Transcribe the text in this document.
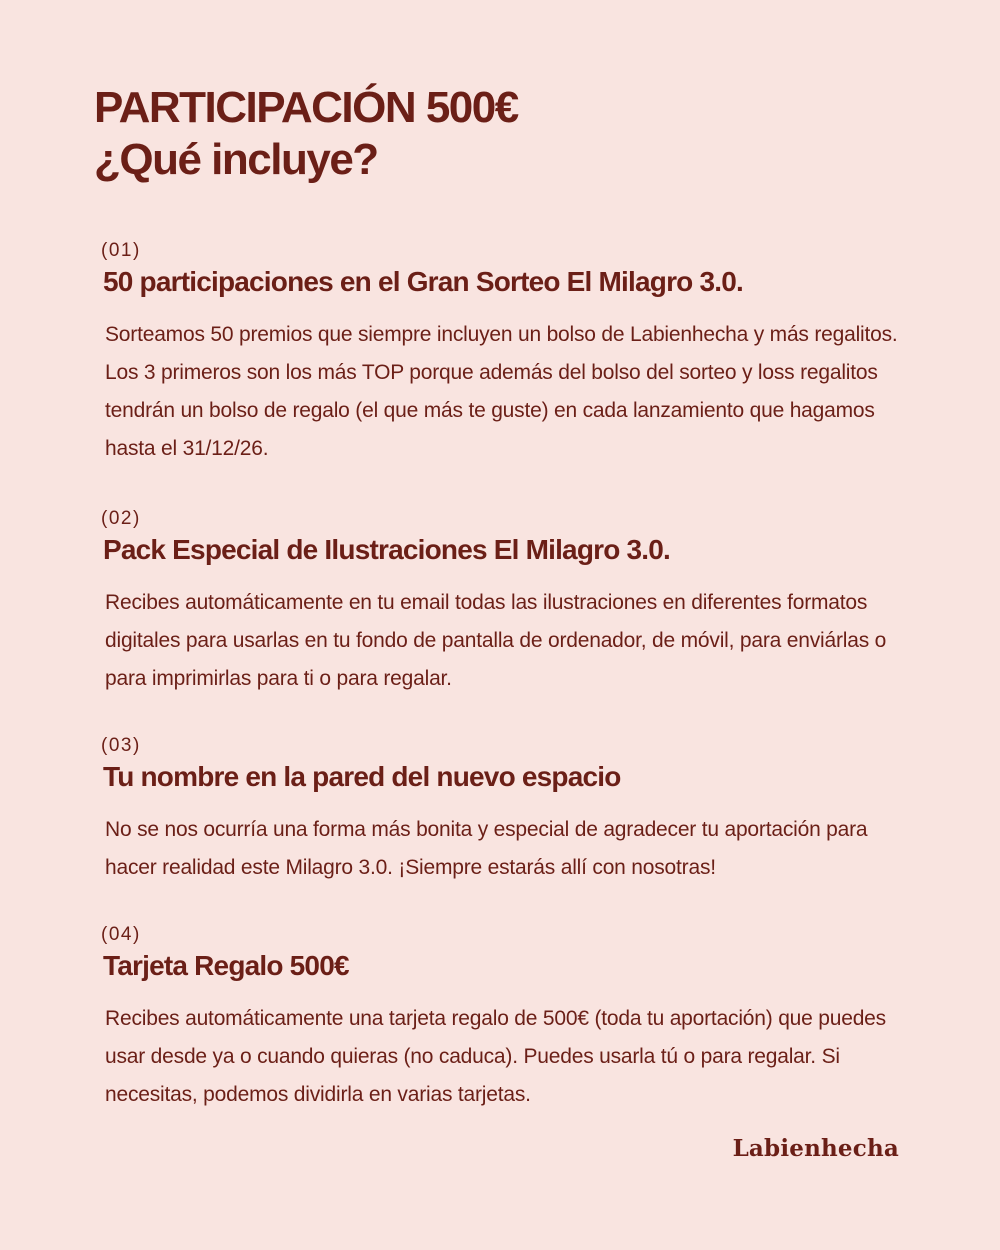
PARTICIPACIÓN 500€
¿Qué incluye?
(01)
50 participaciones en el Gran Sorteo El Milagro 3.0.
Sorteamos 50 premios que siempre incluyen un bolso de Labienhecha y más regalitos. Los 3 primeros son los más TOP porque además del bolso del sorteo y loss regalitos tendrán un bolso de regalo (el que más te guste) en cada lanzamiento que hagamos hasta el 31/12/26.
(02)
Pack Especial de Ilustraciones El Milagro 3.0.
Recibes automáticamente en tu email todas las ilustraciones en diferentes formatos digitales para usarlas en tu fondo de pantalla de ordenador, de móvil, para enviárlas o para imprimirlas para ti o para regalar.
(03)
Tu nombre en la pared del nuevo espacio
No se nos ocurría una forma más bonita y especial de agradecer tu aportación para hacer realidad este Milagro 3.0. ¡Siempre estarás allí con nosotras!
(04)
Tarjeta Regalo 500€
Recibes automáticamente una tarjeta regalo de 500€ (toda tu aportación) que puedes usar desde ya o cuando quieras (no caduca). Puedes usarla tú o para regalar. Si necesitas, podemos dividirla en varias tarjetas.
Labienhecha
